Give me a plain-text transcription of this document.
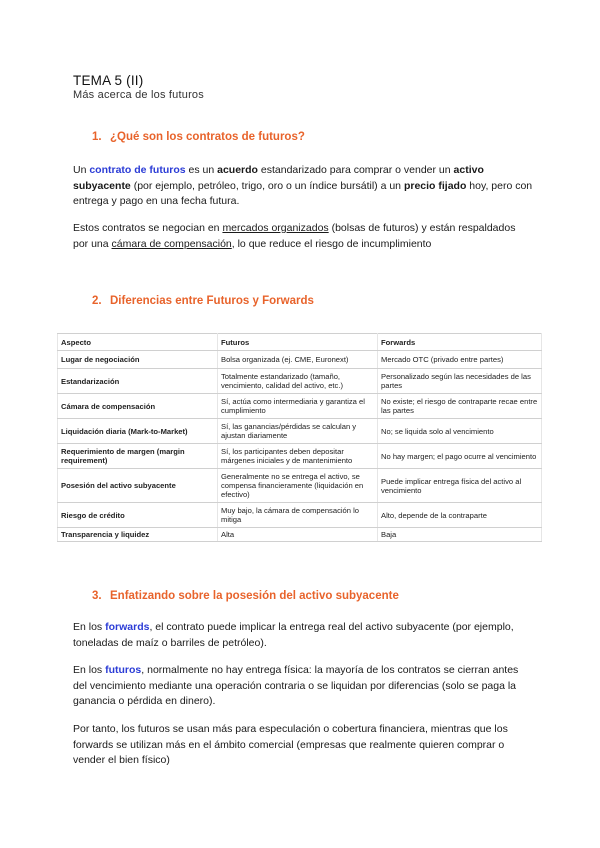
TEMA 5 (II)
Más acerca de los futuros
1. ¿Qué son los contratos de futuros?
Un contrato de futuros es un acuerdo estandarizado para comprar o vender un activo subyacente (por ejemplo, petróleo, trigo, oro o un índice bursátil) a un precio fijado hoy, pero con entrega y pago en una fecha futura.
Estos contratos se negocian en mercados organizados (bolsas de futuros) y están respaldados por una cámara de compensación, lo que reduce el riesgo de incumplimiento
2. Diferencias entre Futuros y Forwards
Aspecto	Futuros	Forwards
Lugar de negociación	Bolsa organizada (ej. CME, Euronext)	Mercado OTC (privado entre partes)
Estandarización	Totalmente estandarizado (tamaño, vencimiento, calidad del activo, etc.)	Personalizado según las necesidades de las partes
Cámara de compensación	Sí, actúa como intermediaria y garantiza el cumplimiento	No existe; el riesgo de contraparte recae entre las partes
Liquidación diaria (Mark-to-Market)	Sí, las ganancias/pérdidas se calculan y ajustan diariamente	No; se liquida solo al vencimiento
Requerimiento de margen (margin requirement)	Sí, los participantes deben depositar márgenes iniciales y de mantenimiento	No hay margen; el pago ocurre al vencimiento
Posesión del activo subyacente	Generalmente no se entrega el activo, se compensa financieramente (liquidación en efectivo)	Puede implicar entrega física del activo al vencimiento
Riesgo de crédito	Muy bajo, la cámara de compensación lo mitiga	Alto, depende de la contraparte
Transparencia y liquidez	Alta	Baja
3. Enfatizando sobre la posesión del activo subyacente
En los forwards, el contrato puede implicar la entrega real del activo subyacente (por ejemplo, toneladas de maíz o barriles de petróleo).
En los futuros, normalmente no hay entrega física: la mayoría de los contratos se cierran antes del vencimiento mediante una operación contraria o se liquidan por diferencias (solo se paga la ganancia o pérdida en dinero).
Por tanto, los futuros se usan más para especulación o cobertura financiera, mientras que los forwards se utilizan más en el ámbito comercial (empresas que realmente quieren comprar o vender el bien físico)
